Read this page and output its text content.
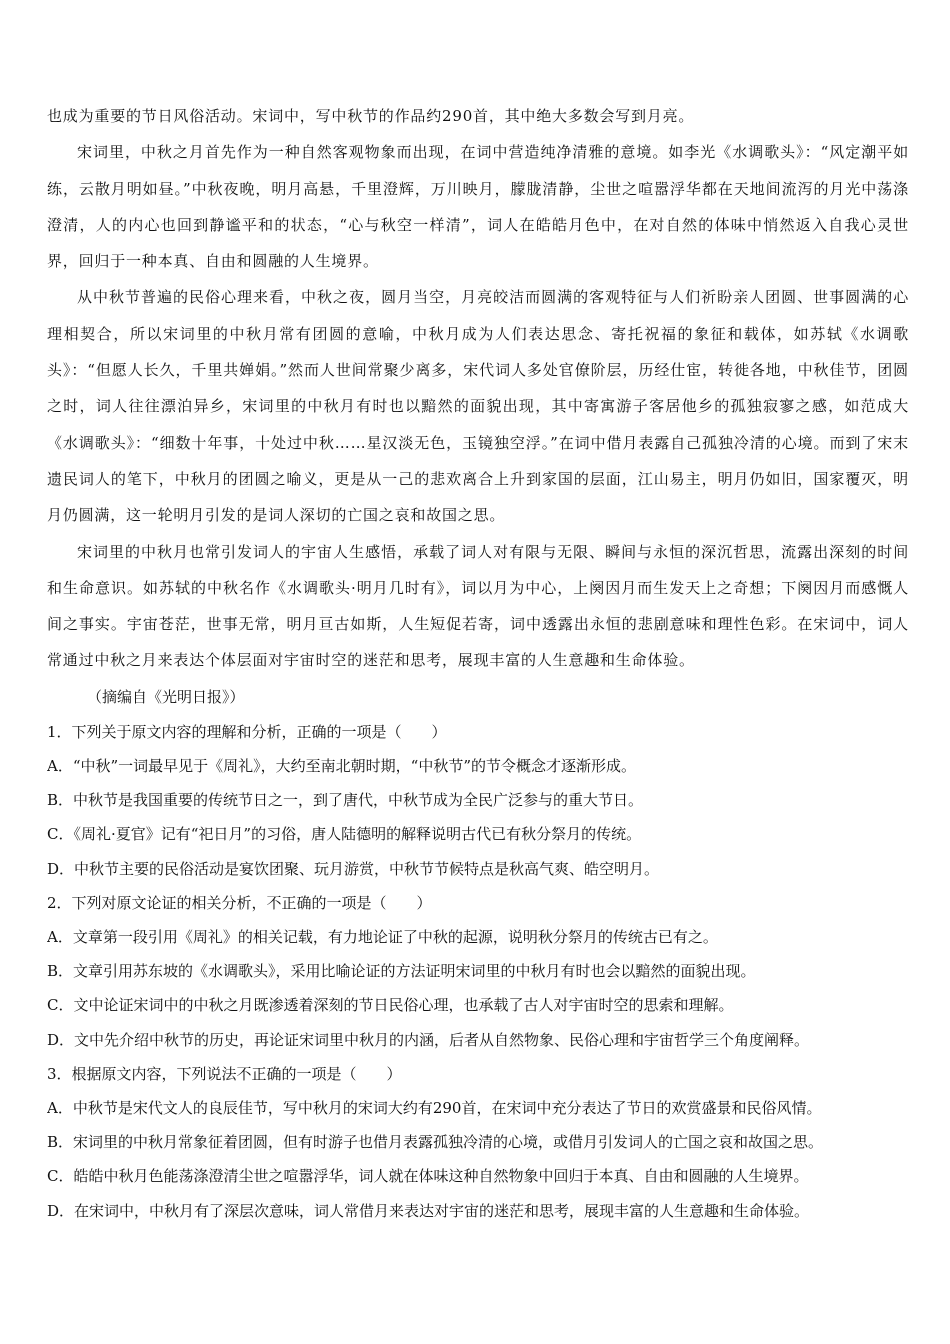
也成为重要的节日风俗活动。宋词中，写中秋节的作品约290首，其中绝大多数会写到月亮。

宋词里，中秋之月首先作为一种自然客观物象而出现，在词中营造纯净清雅的意境。如李光《水调歌头》：“风定潮平如练，云散月明如昼。”中秋夜晚，明月高悬，千里澄辉，万川映月，朦胧清静，尘世之喧嚣浮华都在天地间流泻的月光中荡涤澄清，人的内心也回到静谧平和的状态，“心与秋空一样清”，词人在皓皓月色中，在对自然的体味中悄然返入自我心灵世界，回归于一种本真、自由和圆融的人生境界。

从中秋节普遍的民俗心理来看，中秋之夜，圆月当空，月亮皎洁而圆满的客观特征与人们祈盼亲人团圆、世事圆满的心理相契合，所以宋词里的中秋月常有团圆的意喻，中秋月成为人们表达思念、寄托祝福的象征和载体，如苏轼《水调歌头》：“但愿人长久，千里共婵娟。”然而人世间常聚少离多，宋代词人多处官僚阶层，历经仕宦，转徙各地，中秋佳节，团圆之时，词人往往漂泊异乡，宋词里的中秋月有时也以黯然的面貌出现，其中寄寓游子客居他乡的孤独寂寥之感，如范成大《水调歌头》：“细数十年事，十处过中秋……星汉淡无色，玉镜独空浮。”在词中借月表露自己孤独冷清的心境。而到了宋末遗民词人的笔下，中秋月的团圆之喻义，更是从一己的悲欢离合上升到家国的层面，江山易主，明月仍如旧，国家覆灭，明月仍圆满，这一轮明月引发的是词人深切的亡国之哀和故国之思。

宋词里的中秋月也常引发词人的宇宙人生感悟，承载了词人对有限与无限、瞬间与永恒的深沉哲思，流露出深刻的时间和生命意识。如苏轼的中秋名作《水调歌头·明月几时有》，词以月为中心，上阕因月而生发天上之奇想；下阕因月而感慨人间之事实。宇宙苍茫，世事无常，明月亘古如斯，人生短促若寄，词中透露出永恒的悲剧意味和理性色彩。在宋词中，词人常通过中秋之月来表达个体层面对宇宙时空的迷茫和思考，展现丰富的人生意趣和生命体验。

（摘编自《光明日报》）

1．下列关于原文内容的理解和分析，正确的一项是（　　）

A．“中秋”一词最早见于《周礼》，大约至南北朝时期，“中秋节”的节令概念才逐渐形成。

B．中秋节是我国重要的传统节日之一，到了唐代，中秋节成为全民广泛参与的重大节日。

C．《周礼·夏官》记有“祀日月”的习俗，唐人陆德明的解释说明古代已有秋分祭月的传统。

D．中秋节主要的民俗活动是宴饮团聚、玩月游赏，中秋节节候特点是秋高气爽、皓空明月。

2．下列对原文论证的相关分析，不正确的一项是（　　）

A．文章第一段引用《周礼》的相关记载，有力地论证了中秋的起源，说明秋分祭月的传统古已有之。

B．文章引用苏东坡的《水调歌头》，采用比喻论证的方法证明宋词里的中秋月有时也会以黯然的面貌出现。

C．文中论证宋词中的中秋之月既渗透着深刻的节日民俗心理，也承载了古人对宇宙时空的思索和理解。

D．文中先介绍中秋节的历史，再论证宋词里中秋月的内涵，后者从自然物象、民俗心理和宇宙哲学三个角度阐释。

3．根据原文内容，下列说法不正确的一项是（　　）

A．中秋节是宋代文人的良辰佳节，写中秋月的宋词大约有290首，在宋词中充分表达了节日的欢赏盛景和民俗风情。

B．宋词里的中秋月常象征着团圆，但有时游子也借月表露孤独冷清的心境，或借月引发词人的亡国之哀和故国之思。

C．皓皓中秋月色能荡涤澄清尘世之喧嚣浮华，词人就在体味这种自然物象中回归于本真、自由和圆融的人生境界。

D．在宋词中，中秋月有了深层次意味，词人常借月来表达对宇宙的迷茫和思考，展现丰富的人生意趣和生命体验。
